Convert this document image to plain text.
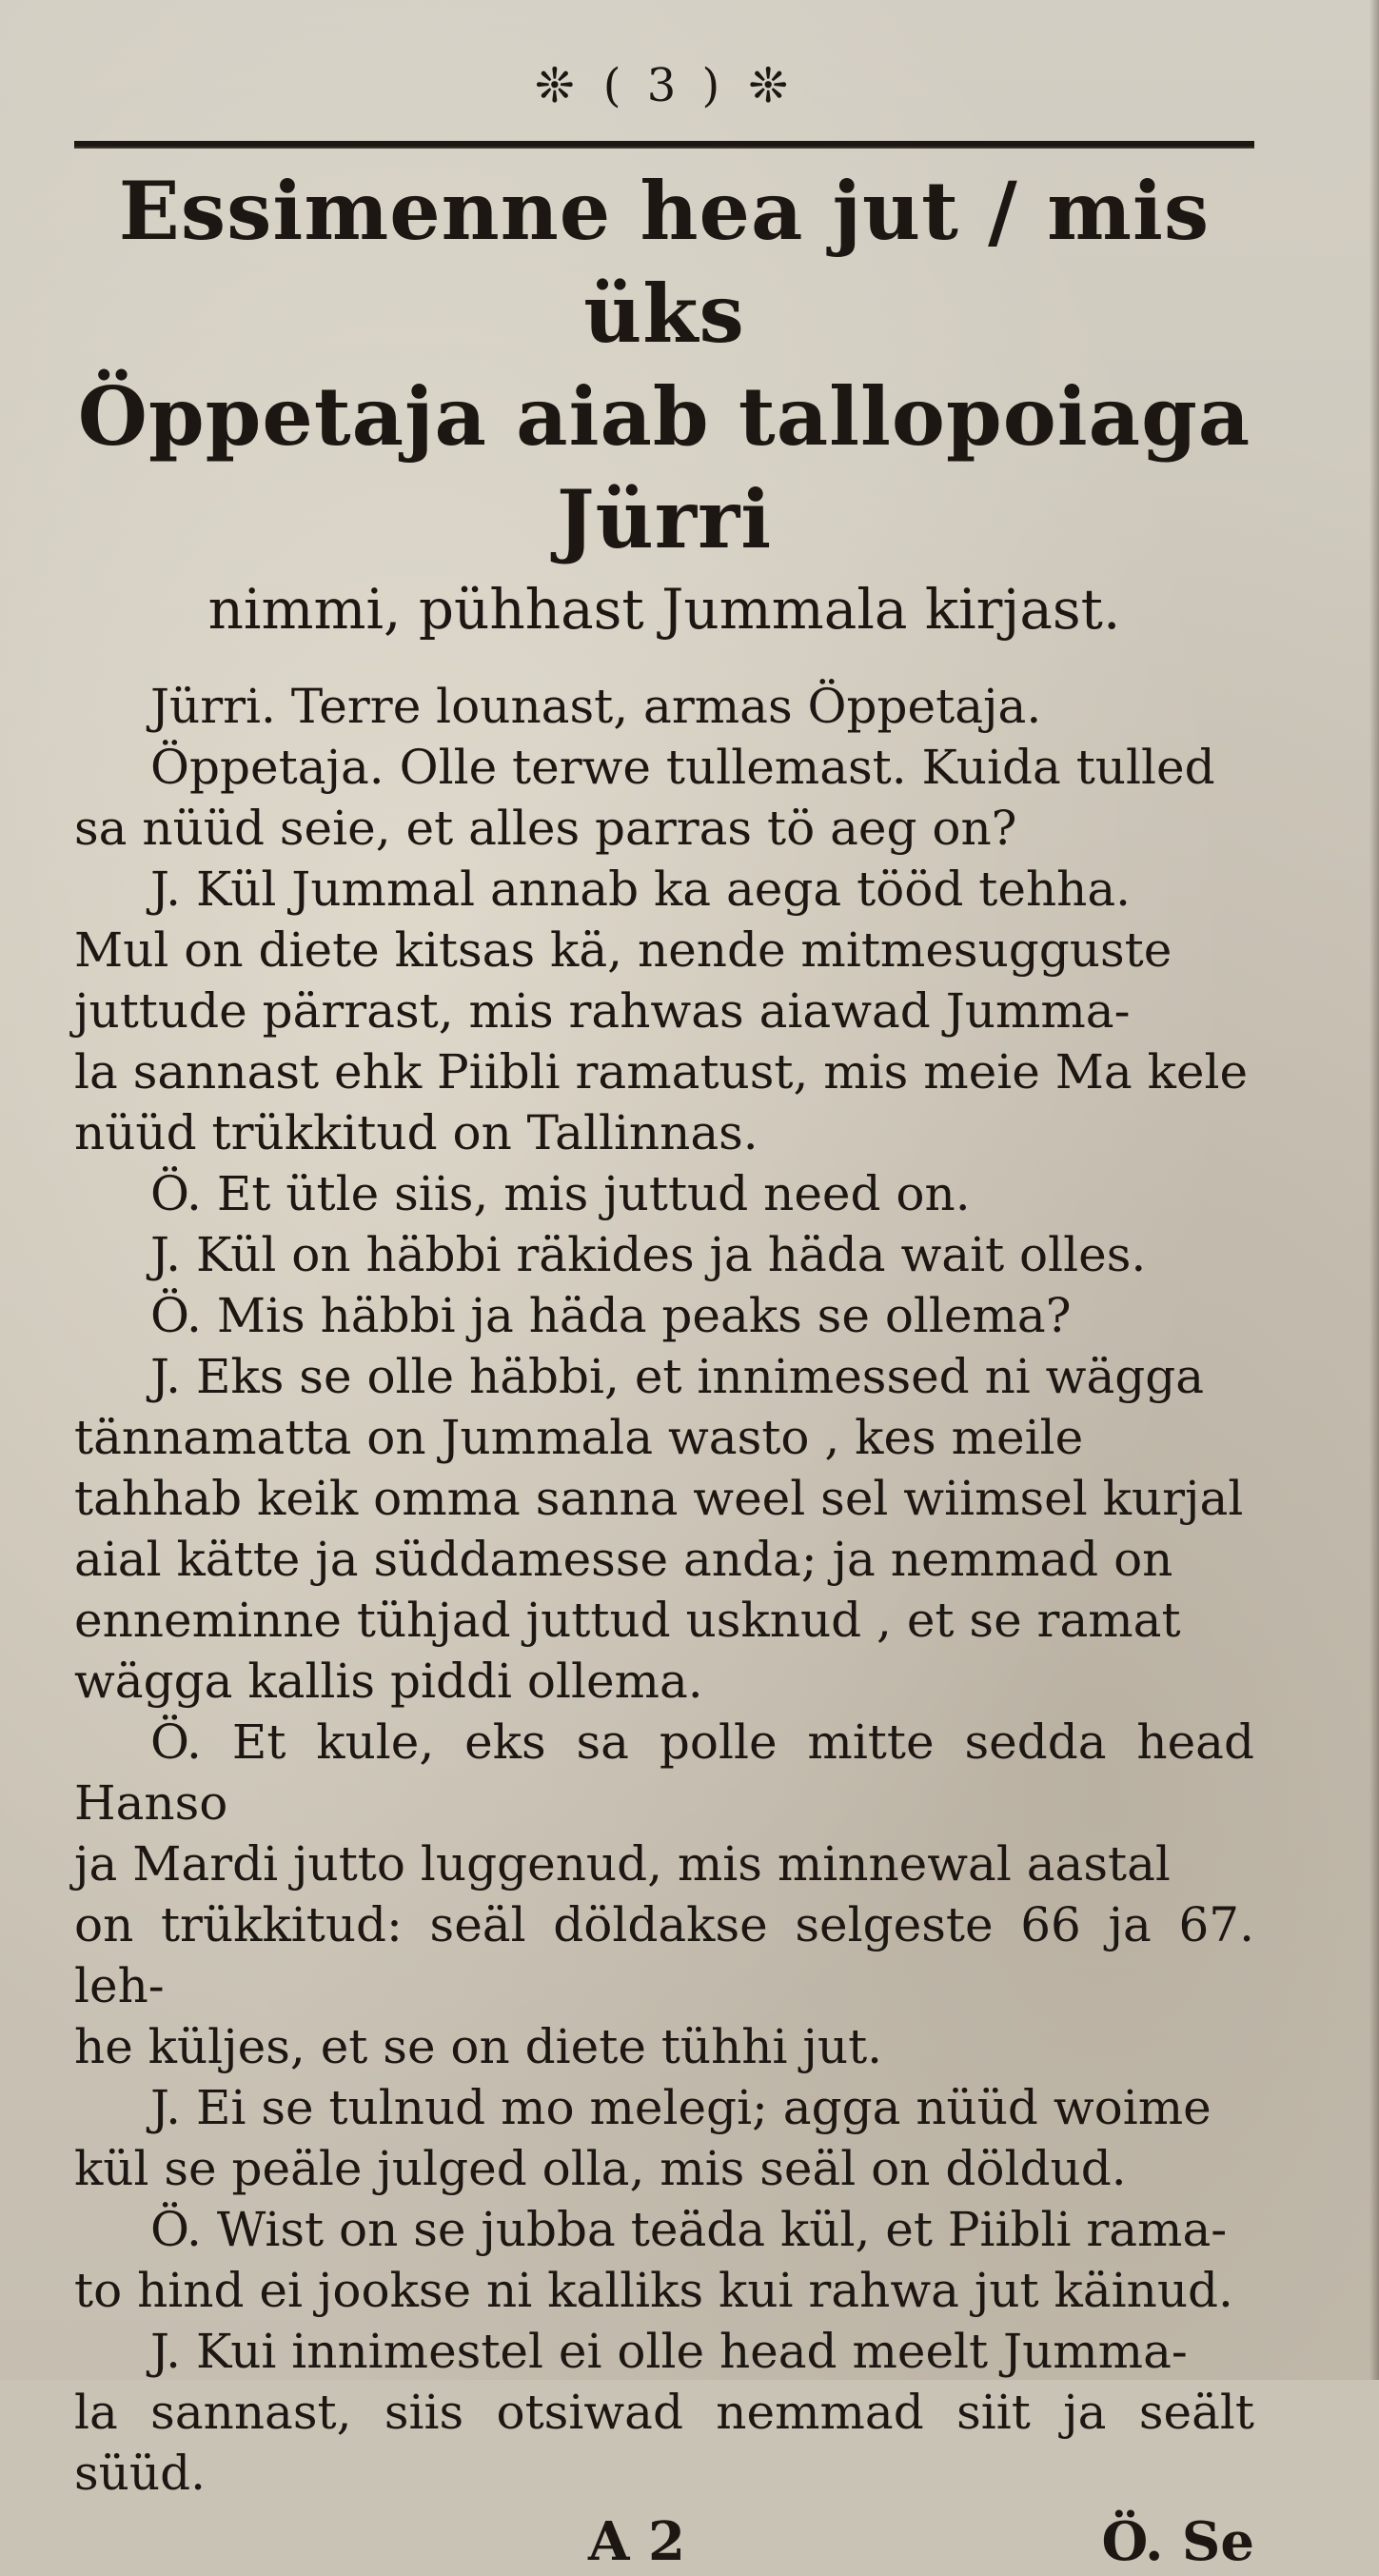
❊ ( 3 ) ❊

Essimenne hea jut / mis üks
Öppetaja aiab tallopoiaga Jürri

nimmi, pühhast Jummala kirjast.

Jürri. Terre lounast, armas Öppetaja.

Öppetaja. Olle terwe tullemast. Kuida tulled
sa nüüd seie, et alles parras tö aeg on?

J. Kül Jummal annab ka aega tööd tehha.
Mul on diete kitsas kä, nende mitmesugguste
juttude pärrast, mis rahwas aiawad Jumma-
la sannast ehk Piibli ramatust, mis meie Ma kele
nüüd trükkitud on Tallinnas.

Ö. Et ütle siis, mis juttud need on.

J. Kül on häbbi räkides ja häda wait olles.

Ö. Mis häbbi ja häda peaks se ollema?

J. Eks se olle häbbi, et innimessed ni wägga
tännamatta on Jummala wasto , kes meile
tahhab keik omma sanna weel sel wiimsel kurjal
aial kätte ja süddamesse anda; ja nemmad on
enneminne tühjad juttud usknud , et se ramat
wägga kallis piddi ollema.

Ö. Et kule, eks sa polle mitte sedda head Hanso
ja Mardi jutto luggenud, mis minnewal aastal
on trükkitud: seäl döldakse selgeste 66 ja 67. leh-
he küljes, et se on diete tühhi jut.

J. Ei se tulnud mo melegi; agga nüüd woime
kül se peäle julged olla, mis seäl on döldud.

Ö. Wist on se jubba teäda kül, et Piibli rama-
to hind ei jookse ni kalliks kui rahwa jut käinud.

J. Kui innimestel ei olle head meelt Jumma-
la sannast, siis otsiwad nemmad siit ja seält süüd.

A 2	Ö. Se
